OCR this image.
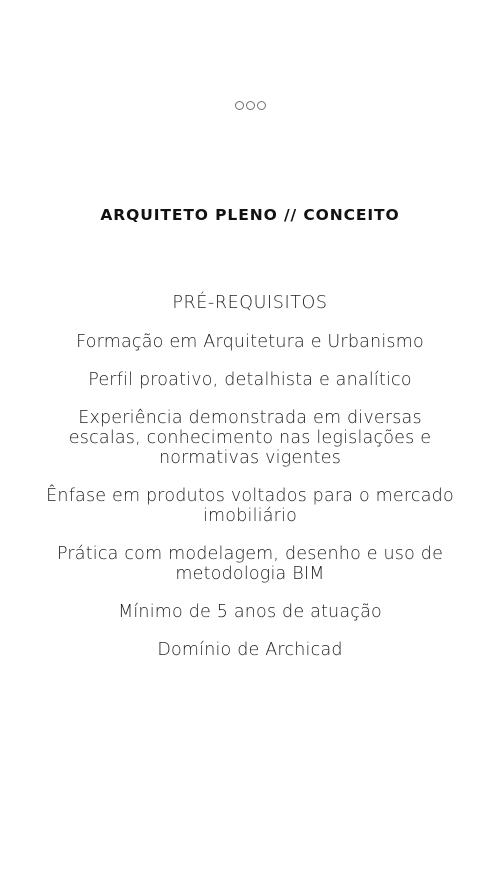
ARQUITETO PLENO // CONCEITO
PRÉ-REQUISITOS
Formação em Arquitetura e Urbanismo
Perfil proativo, detalhista e analítico
Experiência demonstrada em diversas escalas, conhecimento nas legislações e normativas vigentes
Ênfase em produtos voltados para o mercado imobiliário
Prática com modelagem, desenho e uso de metodologia BIM
Mínimo de 5 anos de atuação
Domínio de Archicad
